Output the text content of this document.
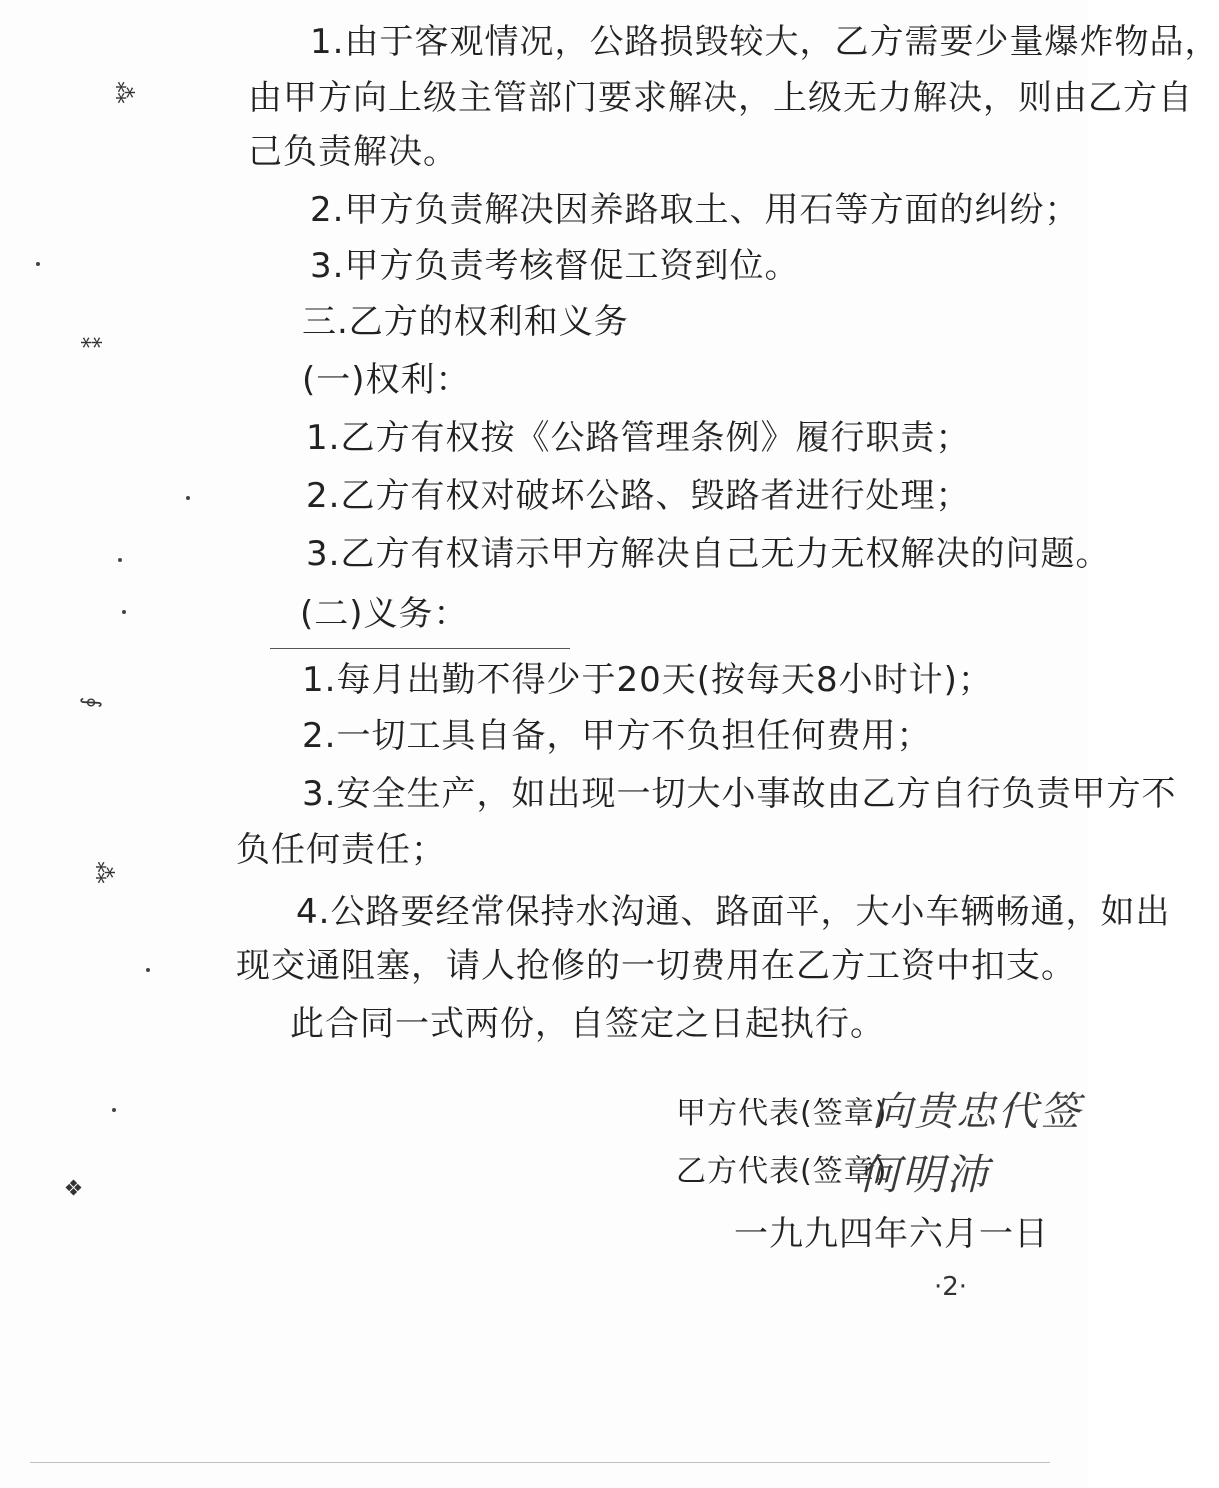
⁂
⁑
∮
⁂
❖
1.由于客观情况，公路损毁较大，乙方需要少量爆炸物品，
由甲方向上级主管部门要求解决，上级无力解决，则由乙方自
己负责解决。
2.甲方负责解决因养路取土、用石等方面的纠纷；
3.甲方负责考核督促工资到位。
三.乙方的权利和义务
(一)权利：
1.乙方有权按《公路管理条例》履行职责；
2.乙方有权对破坏公路、毁路者进行处理；
3.乙方有权请示甲方解决自己无力无权解决的问题。
(二)义务：
1.每月出勤不得少于20天(按每天8小时计)；
2.一切工具自备，甲方不负担任何费用；
3.安全生产，如出现一切大小事故由乙方自行负责甲方不
负任何责任；
4.公路要经常保持水沟通、路面平，大小车辆畅通，如出
现交通阻塞，请人抢修的一切费用在乙方工资中扣支。
此合同一式两份，自签定之日起执行。
甲方代表(签章)
向贵忠代签
乙方代表(签章)
何明沛
一九九四年六月一日
·2·
